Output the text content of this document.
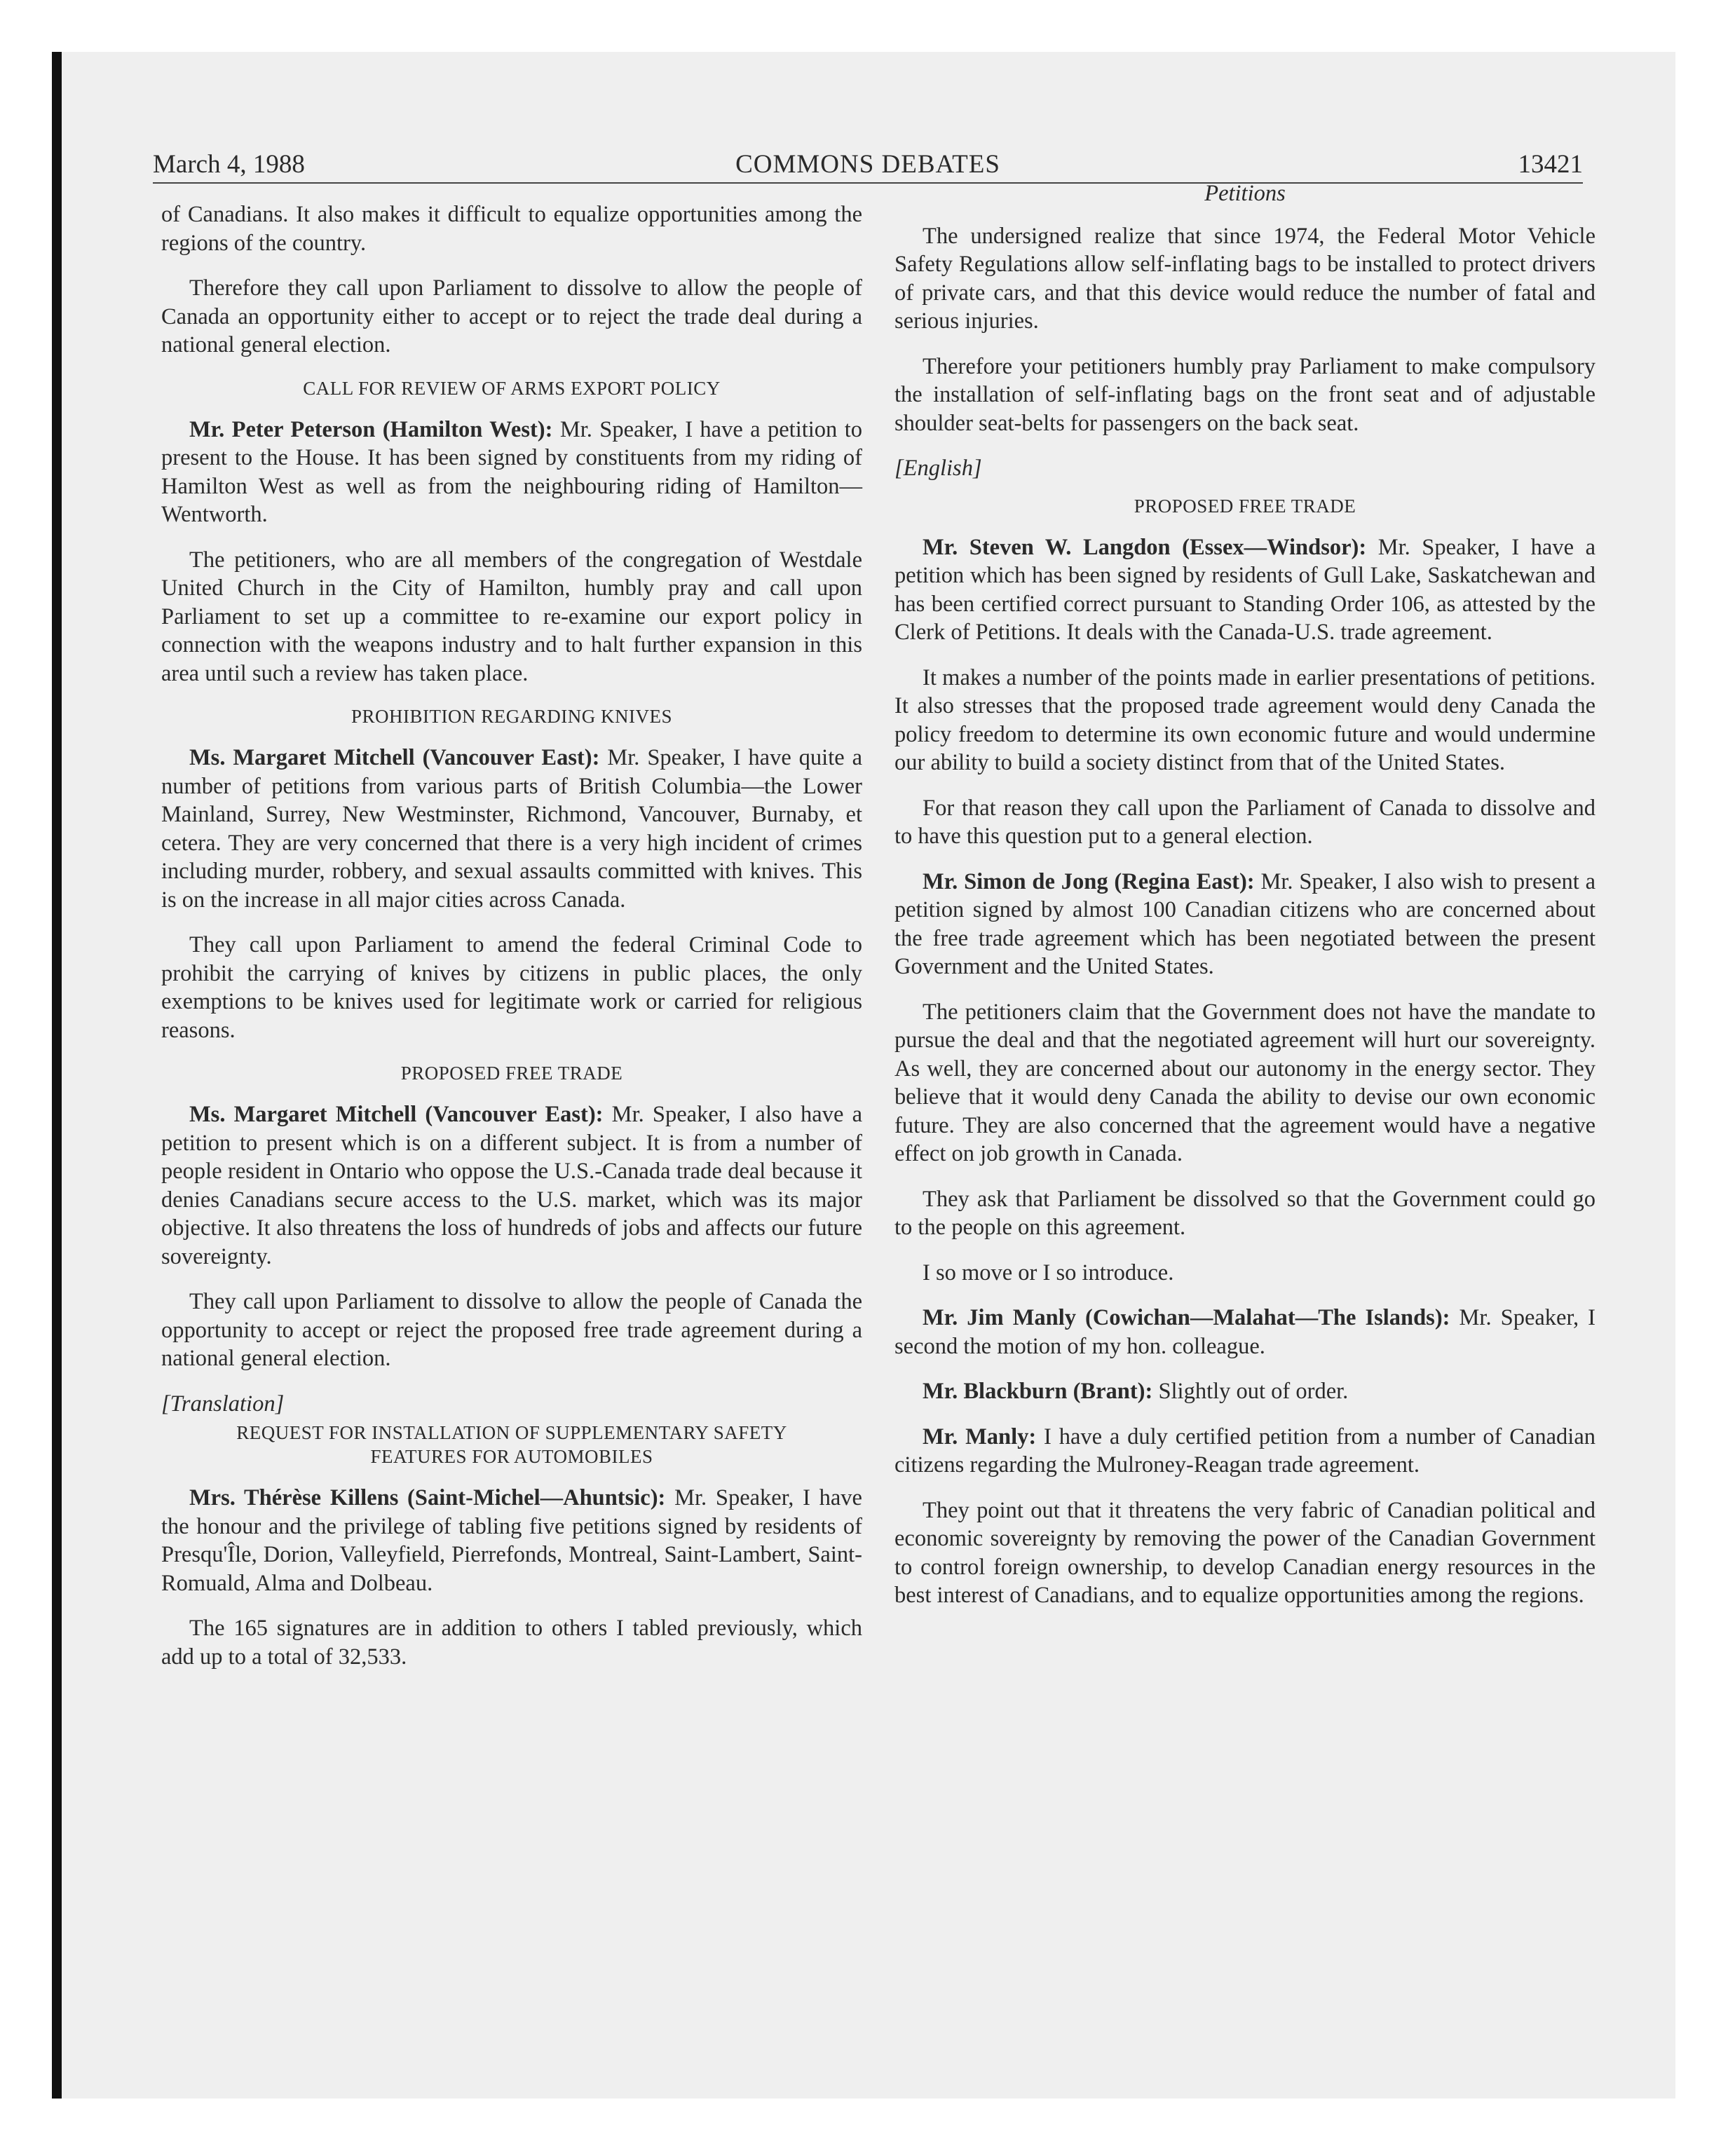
March 4, 1988	COMMONS DEBATES	13421

of Canadians. It also makes it difficult to equalize opportunities among the regions of the country.

Therefore they call upon Parliament to dissolve to allow the people of Canada an opportunity either to accept or to reject the trade deal during a national general election.

CALL FOR REVIEW OF ARMS EXPORT POLICY

Mr. Peter Peterson (Hamilton West): Mr. Speaker, I have a petition to present to the House. It has been signed by constituents from my riding of Hamilton West as well as from the neighbouring riding of Hamilton—Wentworth.

The petitioners, who are all members of the congregation of Westdale United Church in the City of Hamilton, humbly pray and call upon Parliament to set up a committee to re-examine our export policy in connection with the weapons industry and to halt further expansion in this area until such a review has taken place.

PROHIBITION REGARDING KNIVES

Ms. Margaret Mitchell (Vancouver East): Mr. Speaker, I have quite a number of petitions from various parts of British Columbia—the Lower Mainland, Surrey, New Westminster, Richmond, Vancouver, Burnaby, et cetera. They are very concerned that there is a very high incident of crimes including murder, robbery, and sexual assaults committed with knives. This is on the increase in all major cities across Canada.

They call upon Parliament to amend the federal Criminal Code to prohibit the carrying of knives by citizens in public places, the only exemptions to be knives used for legitimate work or carried for religious reasons.

PROPOSED FREE TRADE

Ms. Margaret Mitchell (Vancouver East): Mr. Speaker, I also have a petition to present which is on a different subject. It is from a number of people resident in Ontario who oppose the U.S.-Canada trade deal because it denies Canadians secure access to the U.S. market, which was its major objective. It also threatens the loss of hundreds of jobs and affects our future sovereignty.

They call upon Parliament to dissolve to allow the people of Canada the opportunity to accept or reject the proposed free trade agreement during a national general election.

[Translation]
REQUEST FOR INSTALLATION OF SUPPLEMENTARY SAFETY
FEATURES FOR AUTOMOBILES

Mrs. Thérèse Killens (Saint-Michel—Ahuntsic): Mr. Speaker, I have the honour and the privilege of tabling five petitions signed by residents of Presqu'Île, Dorion, Valleyfield, Pierrefonds, Montreal, Saint-Lambert, Saint-Romuald, Alma and Dolbeau.

The 165 signatures are in addition to others I tabled previously, which add up to a total of 32,533.

Petitions

The undersigned realize that since 1974, the Federal Motor Vehicle Safety Regulations allow self-inflating bags to be installed to protect drivers of private cars, and that this device would reduce the number of fatal and serious injuries.

Therefore your petitioners humbly pray Parliament to make compulsory the installation of self-inflating bags on the front seat and of adjustable shoulder seat-belts for passengers on the back seat.

[English]
PROPOSED FREE TRADE

Mr. Steven W. Langdon (Essex—Windsor): Mr. Speaker, I have a petition which has been signed by residents of Gull Lake, Saskatchewan and has been certified correct pursuant to Standing Order 106, as attested by the Clerk of Petitions. It deals with the Canada-U.S. trade agreement.

It makes a number of the points made in earlier presentations of petitions. It also stresses that the proposed trade agreement would deny Canada the policy freedom to determine its own economic future and would undermine our ability to build a society distinct from that of the United States.

For that reason they call upon the Parliament of Canada to dissolve and to have this question put to a general election.

Mr. Simon de Jong (Regina East): Mr. Speaker, I also wish to present a petition signed by almost 100 Canadian citizens who are concerned about the free trade agreement which has been negotiated between the present Government and the United States.

The petitioners claim that the Government does not have the mandate to pursue the deal and that the negotiated agreement will hurt our sovereignty. As well, they are concerned about our autonomy in the energy sector. They believe that it would deny Canada the ability to devise our own economic future. They are also concerned that the agreement would have a negative effect on job growth in Canada.

They ask that Parliament be dissolved so that the Government could go to the people on this agreement.

I so move or I so introduce.

Mr. Jim Manly (Cowichan—Malahat—The Islands): Mr. Speaker, I second the motion of my hon. colleague.

Mr. Blackburn (Brant): Slightly out of order.

Mr. Manly: I have a duly certified petition from a number of Canadian citizens regarding the Mulroney-Reagan trade agreement.

They point out that it threatens the very fabric of Canadian political and economic sovereignty by removing the power of the Canadian Government to control foreign ownership, to develop Canadian energy resources in the best interest of Canadians, and to equalize opportunities among the regions.
